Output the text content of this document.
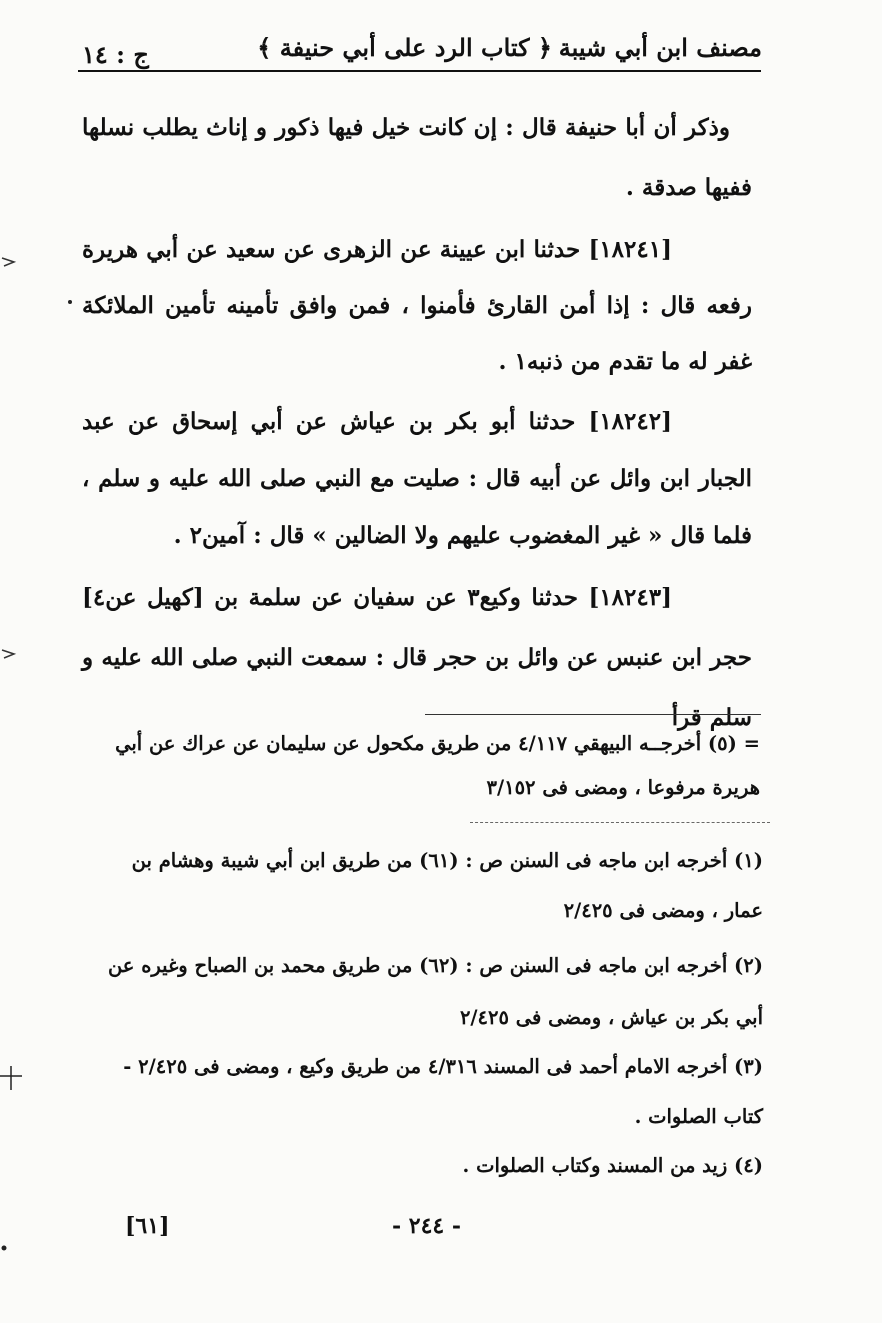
مصنف ابن أبي شيبة
﴿ كتاب الرد على أبي حنيفة ﴾
ج : ١٤
وذكر أن أبا حنيفة قال : إن كانت خيل فيها ذكور و إناث يطلب نسلها ففيها صدقة .
[١٨٢٤١] حدثنا ابن عيينة عن الزهرى عن سعيد عن أبي هريرة رفعه قال : إذا أمن القارئ فأمنوا ، فمن وافق تأمينه تأمين الملائكة غفر له ما تقدم من ذنبه١ .
[١٨٢٤٢] حدثنا أبو بكر بن عياش عن أبي إسحاق عن عبد الجبار ابن وائل عن أبيه قال : صليت مع النبي صلى الله عليه و سلم ، فلما قال « غير المغضوب عليهم ولا الضالين » قال : آمين٢ .
[١٨٢٤٣] حدثنا وكيع٣ عن سفيان عن سلمة بن [كهيل عن٤] حجر ابن عنبس عن وائل بن حجر قال : سمعت النبي صلى الله عليه و سلم قرأ
= (٥) أخرجــه البيهقي ٤/١١٧ من طريق مكحول عن سليمان عن عراك عن أبي هريرة مرفوعا ، ومضى فى ٣/١٥٢
(١) أخرجه ابن ماجه فى السنن ص : (٦١) من طريق ابن أبي شيبة وهشام بن عمار ، ومضى فى ٢/٤٢٥
(٢) أخرجه ابن ماجه فى السنن ص : (٦٢) من طريق محمد بن الصباح وغيره عن أبي بكر بن عياش ، ومضى فى ٢/٤٢٥
(٣) أخرجه الامام أحمد فى المسند ٤/٣١٦ من طريق وكيع ، ومضى فى ٢/٤٢٥ - كتاب الصلوات .
(٤) زيد من المسند وكتاب الصلوات .
- ٢٤٤ -
[٦١]
